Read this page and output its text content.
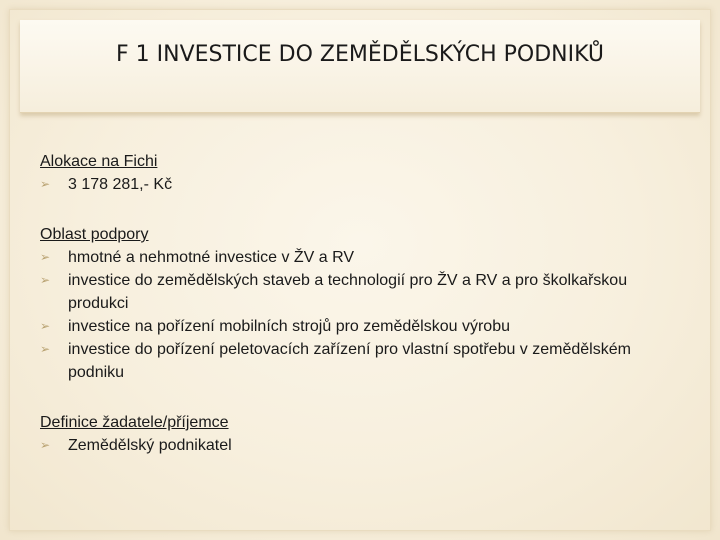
F 1 INVESTICE DO ZEMĚDĚLSKÝCH PODNIKŮ
Alokace na Fichi
➢ 3 178 281,- Kč
Oblast podpory
➢ hmotné a nehmotné investice v ŽV a RV
➢ investice do zemědělských staveb a technologií pro ŽV a RV a pro školkařskou produkci
➢ investice na pořízení mobilních strojů pro zemědělskou výrobu
➢ investice do pořízení peletovacích zařízení pro vlastní spotřebu v zemědělském podniku
Definice žadatele/příjemce
➢ Zemědělský podnikatel
